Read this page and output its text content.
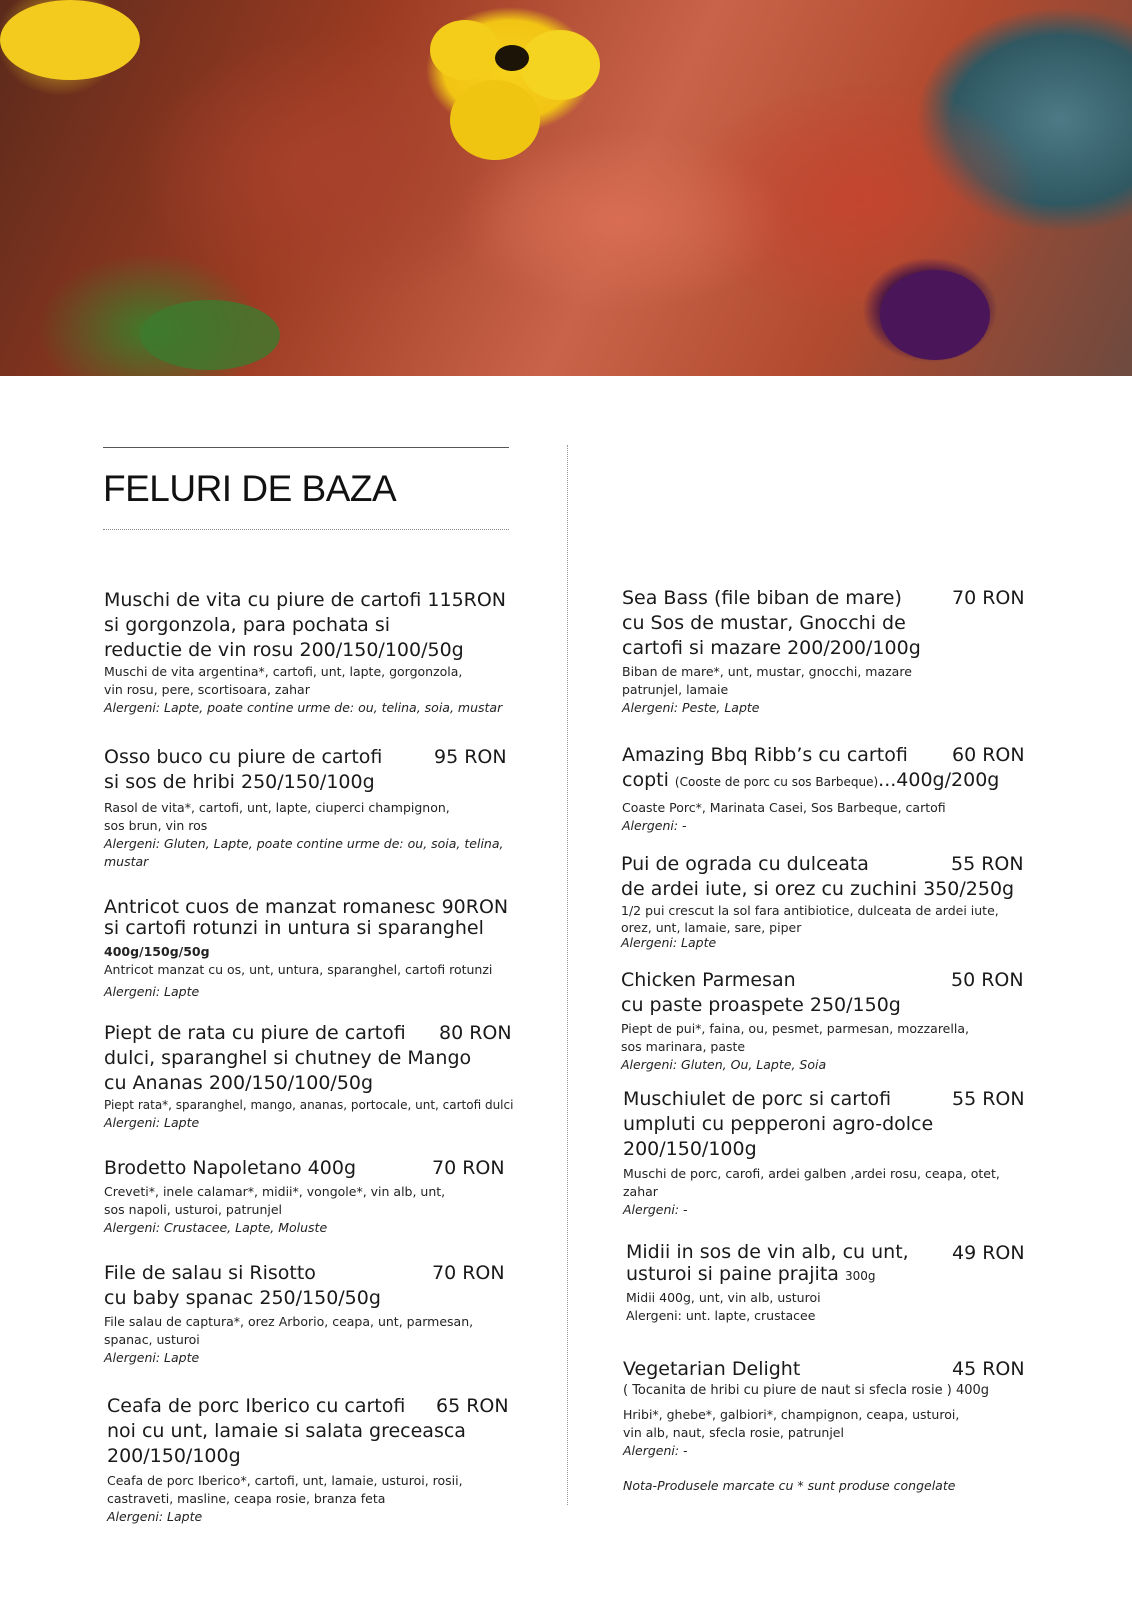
FELURI DE BAZA

Muschi de vita cu piure de cartofi 115RON
si gorgonzola, para pochata si
reductie de vin rosu 200/150/100/50g

Muschi de vita argentina*, cartofi, unt, lapte, gorgonzola,
vin rosu, pere, scortisoara, zahar

Alergeni: Lapte, poate contine urme de: ou, telina, soia, mustar

Osso buco cu piure de cartofi
si sos de hribi 250/150/100g

95 RON

Rasol de vita*, cartofi, unt, lapte, ciuperci champignon,
sos brun, vin ros

Alergeni: Gluten, Lapte, poate contine urme de: ou, soia, telina,
mustar

Antricot cuos de manzat romanesc 90RON
si cartofi rotunzi in untura si sparanghel

400g/150g/50g

Antricot manzat cu os, unt, untura, sparanghel, cartofi rotunzi

Alergeni: Lapte

Piept de rata cu piure de cartofi
dulci, sparanghel si chutney de Mango
cu Ananas 200/150/100/50g

80 RON

Piept rata*, sparanghel, mango, ananas, portocale, unt, cartofi dulci

Alergeni: Lapte

Brodetto Napoletano 400g	70 RON

Creveti*, inele calamar*, midii*, vongole*, vin alb, unt,
sos napoli, usturoi, patrunjel

Alergeni: Crustacee, Lapte, Moluste

File de salau si Risotto
cu baby spanac 250/150/50g

70 RON

File salau de captura*, orez Arborio, ceapa, unt, parmesan,
spanac, usturoi

Alergeni: Lapte

Ceafa de porc Iberico cu cartofi
noi cu unt, lamaie si salata greceasca
200/150/100g

65 RON

Ceafa de porc Iberico*, cartofi, unt, lamaie, usturoi, rosii,
castraveti, masline, ceapa rosie, branza feta

Alergeni: Lapte

Sea Bass (file biban de mare)
cu Sos de mustar, Gnocchi de
cartofi si mazare 200/200/100g

70 RON

Biban de mare*, unt, mustar, gnocchi, mazare
patrunjel, lamaie

Alergeni: Peste, Lapte

Amazing Bbq Ribb’s cu cartofi
copti (Cooste de porc cu sos Barbeque)...400g/200g

60 RON

Coaste Porc*, Marinata Casei, Sos Barbeque, cartofi

Alergeni: -

Pui de ograda cu dulceata
de ardei iute, si orez cu zuchini 350/250g

55 RON

1/2 pui crescut la sol fara antibiotice, dulceata de ardei iute,
orez, unt, lamaie, sare, piper

Alergeni: Lapte

Chicken Parmesan
cu paste proaspete 250/150g

50 RON

Piept de pui*, faina, ou, pesmet, parmesan, mozzarella,
sos marinara, paste

Alergeni: Gluten, Ou, Lapte, Soia

Muschiulet de porc si cartofi
umpluti cu pepperoni agro-dolce
200/150/100g

55 RON

Muschi de porc, carofi, ardei galben ,ardei rosu, ceapa, otet,
zahar

Alergeni: -

Midii in sos de vin alb, cu unt,
usturoi si paine prajita 300g

49 RON

Midii 400g, unt, vin alb, usturoi
Alergeni: unt. lapte, crustacee

Vegetarian Delight	45 RON

( Tocanita de hribi cu piure de naut si sfecla rosie ) 400g

Hribi*, ghebe*, galbiori*, champignon, ceapa, usturoi,
vin alb, naut, sfecla rosie, patrunjel

Alergeni: -

Nota-Produsele marcate cu * sunt produse congelate
